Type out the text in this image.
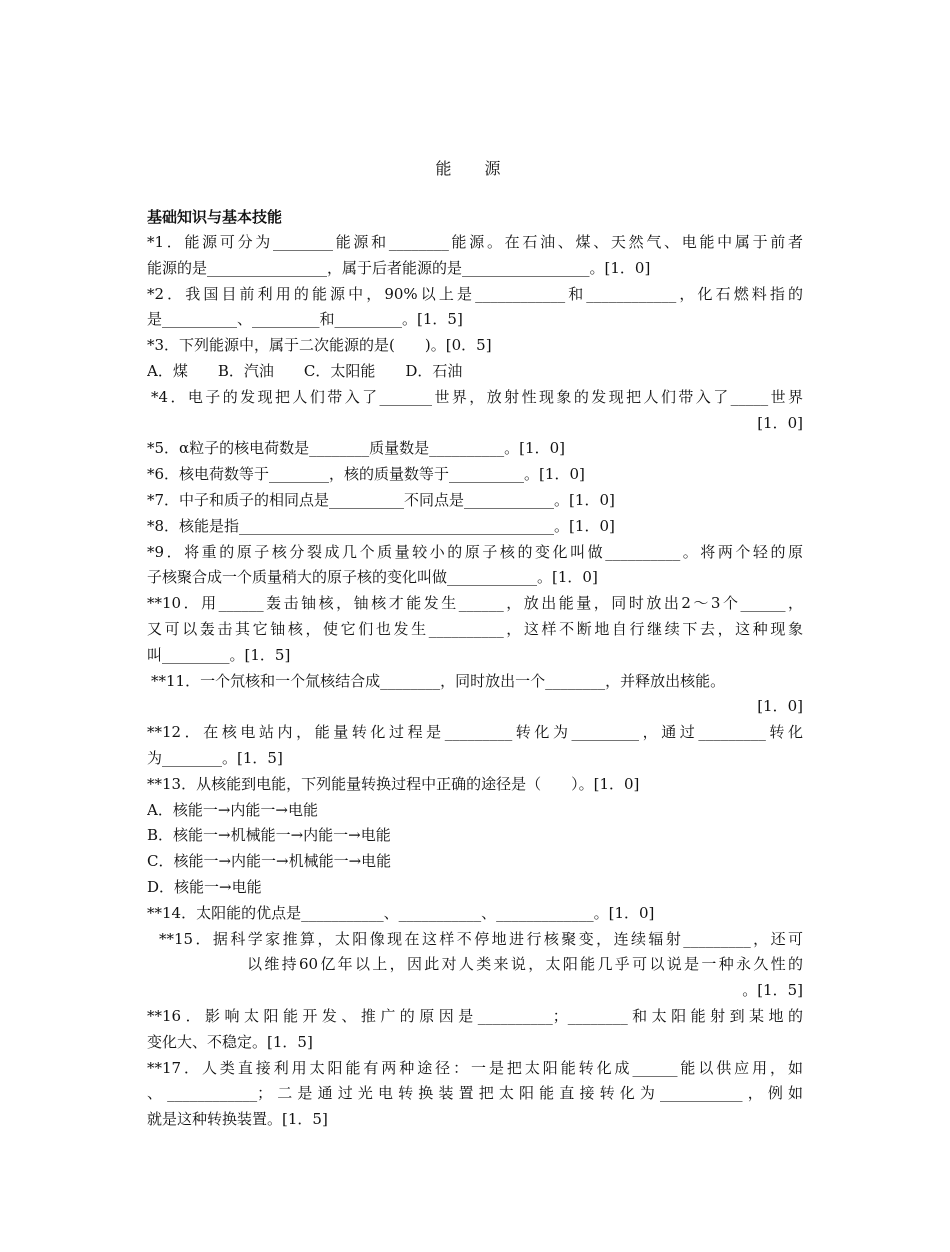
能 源
基础知识与基本技能
*1．能源可分为________能源和________能源。在石油、煤、天然气、电能中属于前者
能源的是________________，属于后者能源的是_________________。[1．0]
*2．我国目前利用的能源中，90%以上是____________和____________，化石燃料指的
是__________、_________和_________。[1．5]
*3．下列能源中，属于二次能源的是(　　)。[0．5]
A．煤　　B．汽油　　C．太阳能　　D．石油
*4．电子的发现把人们带入了_______世界，放射性现象的发现把人们带入了_____世界
[1．0]
*5．α粒子的核电荷数是________质量数是__________。[1．0]
*6．核电荷数等于________，核的质量数等于__________。[1．0]
*7．中子和质子的相同点是__________不同点是____________。[1．0]
*8．核能是指__________________________________________。[1．0]
*9．将重的原子核分裂成几个质量较小的原子核的变化叫做__________。将两个轻的原
子核聚合成一个质量稍大的原子核的变化叫做____________。[1．0]
**10．用______轰击铀核，铀核才能发生______，放出能量，同时放出2～3个______，
又可以轰击其它铀核，使它们也发生__________，这样不断地自行继续下去，这种现象
叫_________。[1．5]
**11．一个氘核和一个氚核结合成________，同时放出一个________，并释放出核能。
[1．0]
**12．在核电站内，能量转化过程是_________转化为_________，通过_________转化
为________。[1．5]
**13．从核能到电能，下列能量转换过程中正确的途径是（　　）。[1．0]
A．核能一→内能一→电能
B．核能一→机械能一→内能一→电能
C．核能一→内能一→机械能一→电能
D．核能一→电能
**14．太阳能的优点是___________、___________、_____________。[1．0]
**15．据科学家推算，太阳像现在这样不停地进行核聚变，连续辐射_________，还可
以维持60亿年以上，因此对人类来说，太阳能几乎可以说是一种永久性的
。[1．5]
**16．影响太阳能开发、推广的原因是__________；________和太阳能射到某地的
变化大、不稳定。[1．5]
**17．人类直接利用太阳能有两种途径：一是把太阳能转化成______能以供应用，如
、____________；二是通过光电转换装置把太阳能直接转化为___________，例如
就是这种转换装置。[1．5]
